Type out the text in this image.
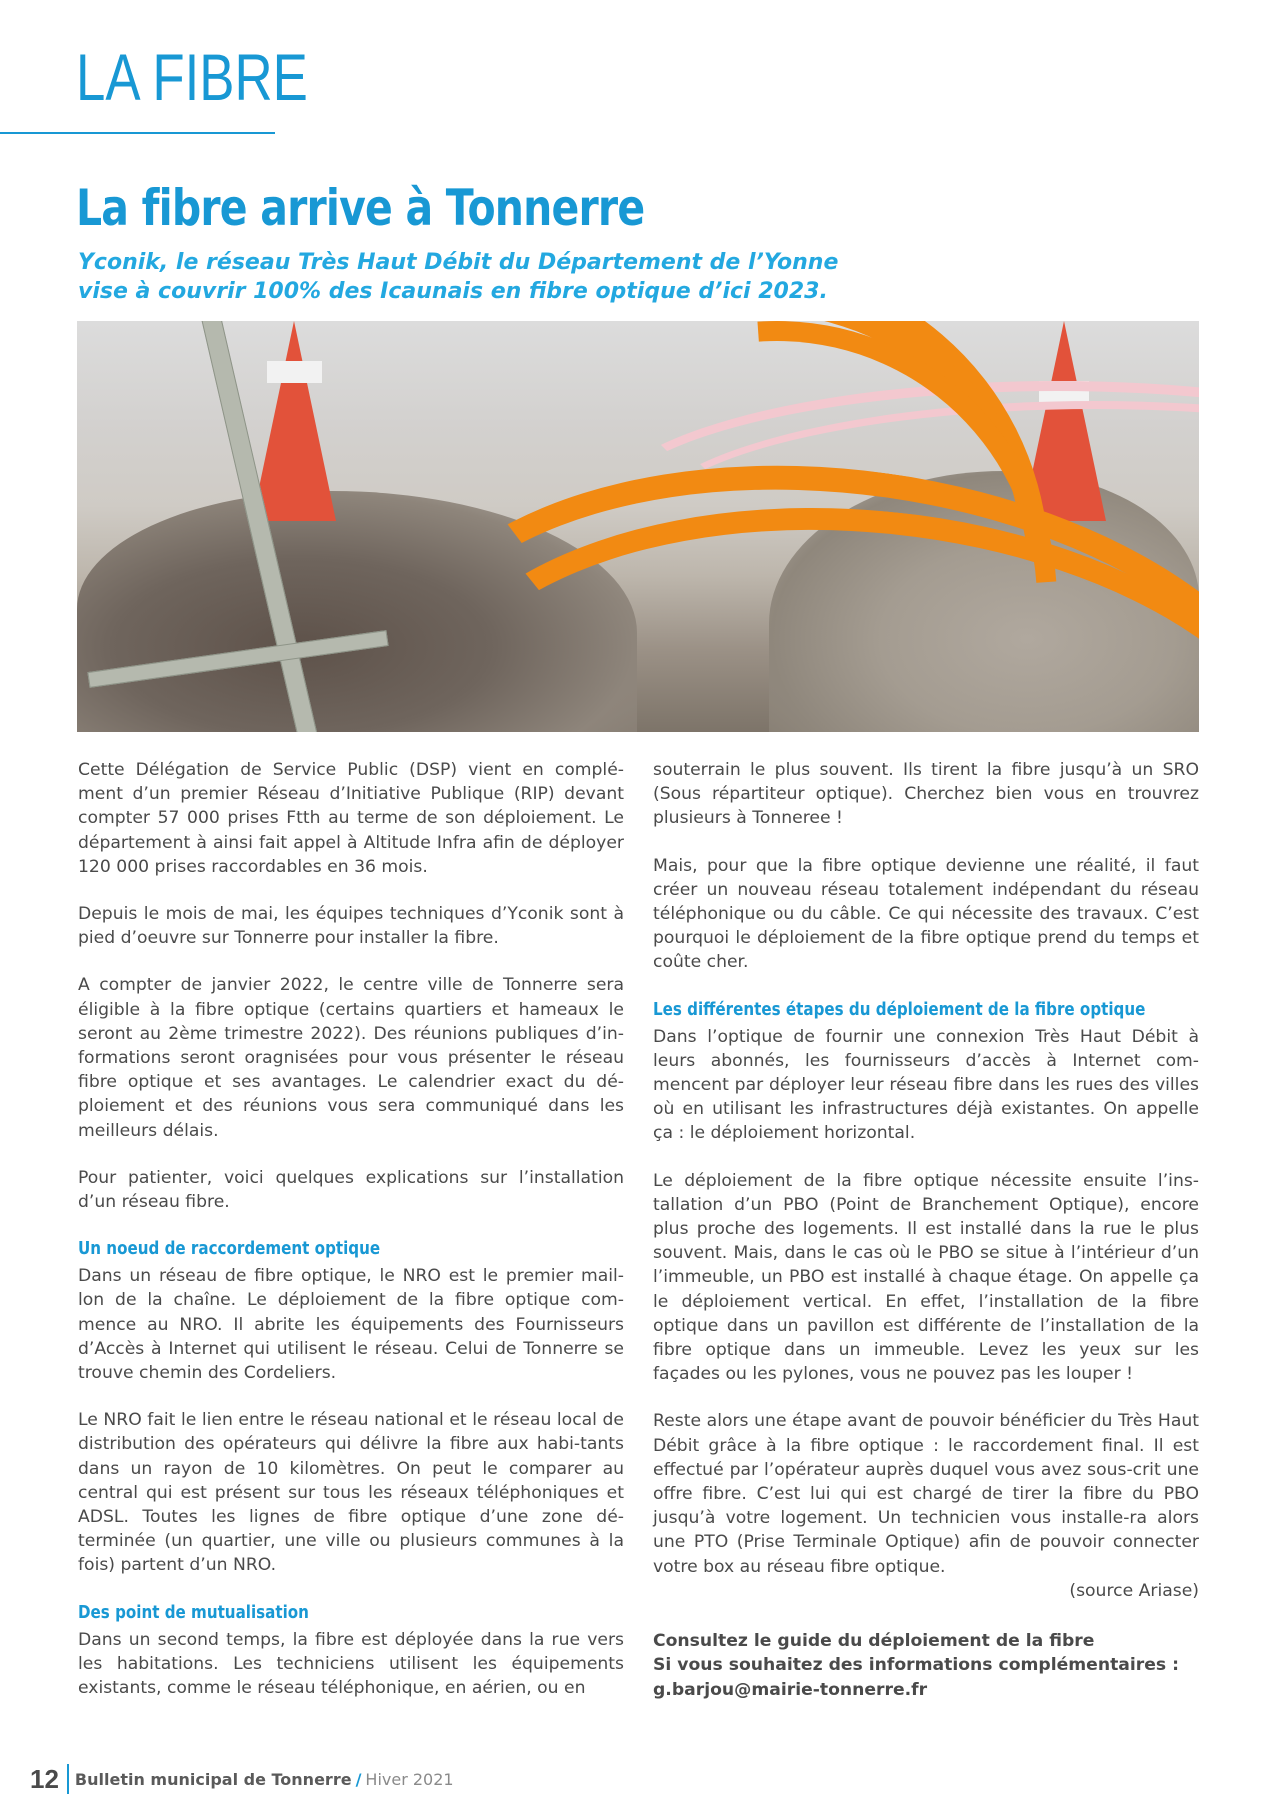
LA FIBRE
La fibre arrive à Tonnerre
Yconik, le réseau Très Haut Débit du Département de l’Yonne
vise à couvrir 100% des Icaunais en fibre optique d’ici 2023.

Cette Délégation de Service Public (DSP) vient en complé-ment d’un premier Réseau d’Initiative Publique (RIP) devant compter 57 000 prises Ftth au terme de son déploiement. Le département à ainsi fait appel à Altitude Infra afin de déployer 120 000 prises raccordables en 36 mois.

Depuis le mois de mai, les équipes techniques d’Yconik sont à pied d’oeuvre sur Tonnerre pour installer la fibre.

A compter de janvier 2022, le centre ville de Tonnerre sera éligible à la fibre optique (certains quartiers et hameaux le seront au 2ème trimestre 2022). Des réunions publiques d’in-formations seront oragnisées pour vous présenter le réseau fibre optique et ses avantages. Le calendrier exact du dé-ploiement et des réunions vous sera communiqué dans les meilleurs délais.

Pour patienter, voici quelques explications sur l’installation d’un réseau fibre.

Un noeud de raccordement optique

Dans un réseau de fibre optique, le NRO est le premier mail-lon de la chaîne. Le déploiement de la fibre optique com-mence au NRO. Il abrite les équipements des Fournisseurs d’Accès à Internet qui utilisent le réseau. Celui de Tonnerre se trouve chemin des Cordeliers.

Le NRO fait le lien entre le réseau national et le réseau local de distribution des opérateurs qui délivre la fibre aux habi-tants dans un rayon de 10 kilomètres. On peut le comparer au central qui est présent sur tous les réseaux téléphoniques et ADSL. Toutes les lignes de fibre optique d’une zone dé-terminée (un quartier, une ville ou plusieurs communes à la fois) partent d’un NRO.

Des point de mutualisation

Dans un second temps, la fibre est déployée dans la rue vers les habitations. Les techniciens utilisent les équipements existants, comme le réseau téléphonique, en aérien, ou en

souterrain le plus souvent. Ils tirent la fibre jusqu’à un SRO (Sous répartiteur optique). Cherchez bien vous en trouvrez plusieurs à Tonneree !

Mais, pour que la fibre optique devienne une réalité, il faut créer un nouveau réseau totalement indépendant du réseau téléphonique ou du câble. Ce qui nécessite des travaux. C’est pourquoi le déploiement de la fibre optique prend du temps et coûte cher.

Les différentes étapes du déploiement de la fibre optique

Dans l’optique de fournir une connexion Très Haut Débit à leurs abonnés, les fournisseurs d’accès à Internet com-mencent par déployer leur réseau fibre dans les rues des villes où en utilisant les infrastructures déjà existantes. On appelle ça : le déploiement horizontal.

Le déploiement de la fibre optique nécessite ensuite l’ins-tallation d’un PBO (Point de Branchement Optique), encore plus proche des logements. Il est installé dans la rue le plus souvent. Mais, dans le cas où le PBO se situe à l’intérieur d’un l’immeuble, un PBO est installé à chaque étage. On appelle ça le déploiement vertical. En effet, l’installation de la fibre optique dans un pavillon est différente de l’installation de la fibre optique dans un immeuble. Levez les yeux sur les façades ou les pylones, vous ne pouvez pas les louper !

Reste alors une étape avant de pouvoir bénéficier du Très Haut Débit grâce à la fibre optique : le raccordement final. Il est effectué par l’opérateur auprès duquel vous avez sous-crit une offre fibre. C’est lui qui est chargé de tirer la fibre du PBO jusqu’à votre logement. Un technicien vous installe-ra alors une PTO (Prise Terminale Optique) afin de pouvoir connecter votre box au réseau fibre optique.

(source Ariase)

Consultez le guide du déploiement de la fibre

Si vous souhaitez des informations complémentaires :

g.barjou@mairie-tonnerre.fr

12 Bulletin municipal de Tonnerre / Hiver 2021
